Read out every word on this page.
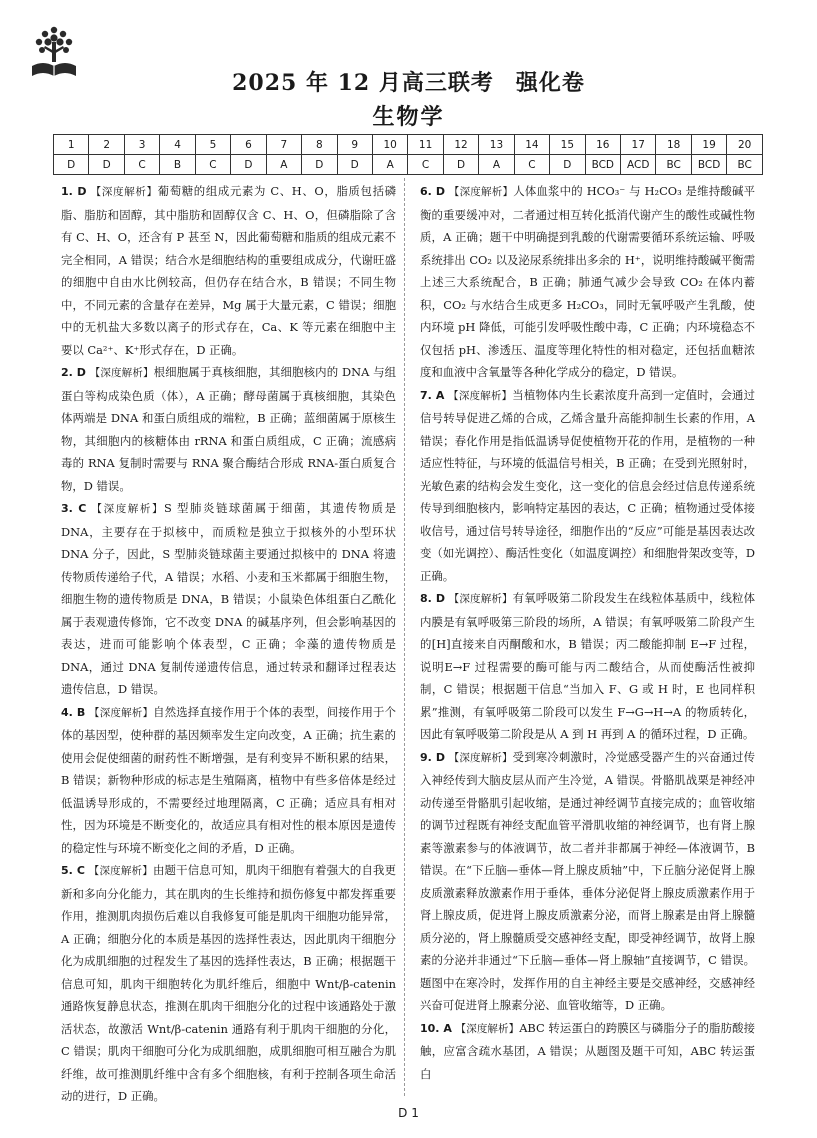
2025 年 12 月高三联考 强化卷
生物学
1	2	3	4	5	6	7	8	9	10	11	12	13	14	15	16	17	18	19	20
D	D	C	B	C	D	A	D	D	A	C	D	A	C	D	BCD	ACD	BC	BCD	BC

1. D 【深度解析】葡萄糖的组成元素为 C、H、O，脂质包括磷脂、脂肪和固醇，其中脂肪和固醇仅含 C、H、O，但磷脂除了含有 C、H、O，还含有 P 甚至 N，因此葡萄糖和脂质的组成元素不完全相同，A 错误；结合水是细胞结构的重要组成成分，代谢旺盛的细胞中自由水比例较高，但仍存在结合水，B 错误；不同生物中，不同元素的含量存在差异，Mg 属于大量元素，C 错误；细胞中的无机盐大多数以离子的形式存在，Ca、K 等元素在细胞中主要以 Ca²⁺、K⁺形式存在，D 正确。

2. D 【深度解析】根细胞属于真核细胞，其细胞核内的 DNA 与组蛋白等构成染色质（体），A 正确；酵母菌属于真核细胞，其染色体两端是 DNA 和蛋白质组成的端粒，B 正确；蓝细菌属于原核生物，其细胞内的核糖体由 rRNA 和蛋白质组成，C 正确；流感病毒的 RNA 复制时需要与 RNA 聚合酶结合形成 RNA-蛋白质复合物，D 错误。

3. C 【深度解析】S 型肺炎链球菌属于细菌，其遗传物质是 DNA，主要存在于拟核中，而质粒是独立于拟核外的小型环状 DNA 分子，因此，S 型肺炎链球菌主要通过拟核中的 DNA 将遗传物质传递给子代，A 错误；水稻、小麦和玉米都属于细胞生物，细胞生物的遗传物质是 DNA，B 错误；小鼠染色体组蛋白乙酰化属于表观遗传修饰，它不改变 DNA 的碱基序列，但会影响基因的表达，进而可能影响个体表型，C 正确；伞藻的遗传物质是 DNA，通过 DNA 复制传递遗传信息，通过转录和翻译过程表达遗传信息，D 错误。

4. B 【深度解析】自然选择直接作用于个体的表型，间接作用于个体的基因型，使种群的基因频率发生定向改变，A 正确；抗生素的使用会促使细菌的耐药性不断增强，是有利变异不断积累的结果，B 错误；新物种形成的标志是生殖隔离，植物中有些多倍体是经过低温诱导形成的，不需要经过地理隔离，C 正确；适应具有相对性，因为环境是不断变化的，故适应具有相对性的根本原因是遗传的稳定性与环境不断变化之间的矛盾，D 正确。

5. C 【深度解析】由题干信息可知，肌肉干细胞有着强大的自我更新和多向分化能力，其在肌肉的生长维持和损伤修复中都发挥重要作用，推测肌肉损伤后难以自我修复可能是肌肉干细胞功能异常，A 正确；细胞分化的本质是基因的选择性表达，因此肌肉干细胞分化为成肌细胞的过程发生了基因的选择性表达，B 正确；根据题干信息可知，肌肉干细胞转化为肌纤维后，细胞中 Wnt/β-catenin 通路恢复静息状态，推测在肌肉干细胞分化的过程中该通路处于激活状态，故激活 Wnt/β-catenin 通路有利于肌肉干细胞的分化，C 错误；肌肉干细胞可分化为成肌细胞，成肌细胞可相互融合为肌纤维，故可推测肌纤维中含有多个细胞核，有利于控制各项生命活动的进行，D 正确。

6. D 【深度解析】人体血浆中的 HCO₃⁻ 与 H₂CO₃ 是维持酸碱平衡的重要缓冲对，二者通过相互转化抵消代谢产生的酸性或碱性物质，A 正确；题干中明确提到乳酸的代谢需要循环系统运输、呼吸系统排出 CO₂ 以及泌尿系统排出多余的 H⁺，说明维持酸碱平衡需上述三大系统配合，B 正确；肺通气减少会导致 CO₂ 在体内蓄积，CO₂ 与水结合生成更多 H₂CO₃，同时无氧呼吸产生乳酸，使内环境 pH 降低，可能引发呼吸性酸中毒，C 正确；内环境稳态不仅包括 pH、渗透压、温度等理化特性的相对稳定，还包括血糖浓度和血液中含氧量等各种化学成分的稳定，D 错误。

7. A 【深度解析】当植物体内生长素浓度升高到一定值时，会通过信号转导促进乙烯的合成，乙烯含量升高能抑制生长素的作用，A 错误；春化作用是指低温诱导促使植物开花的作用，是植物的一种适应性特征，与环境的低温信号相关，B 正确；在受到光照射时，光敏色素的结构会发生变化，这一变化的信息会经过信息传递系统传导到细胞核内，影响特定基因的表达，C 正确；植物通过受体接收信号，通过信号转导途径，细胞作出的“反应”可能是基因表达改变（如光调控）、酶活性变化（如温度调控）和细胞骨架改变等，D 正确。

8. D 【深度解析】有氧呼吸第二阶段发生在线粒体基质中，线粒体内膜是有氧呼吸第三阶段的场所，A 错误；有氧呼吸第二阶段产生的[H]直接来自丙酮酸和水，B 错误；丙二酸能抑制 E→F 过程，说明E→F 过程需要的酶可能与丙二酸结合，从而使酶活性被抑制，C 错误；根据题干信息“当加入 F、G 或 H 时，E 也同样积累”推测，有氧呼吸第二阶段可以发生 F→G→H→A 的物质转化，因此有氧呼吸第二阶段是从 A 到 H 再到 A 的循环过程，D 正确。

9. D 【深度解析】受到寒冷刺激时，冷觉感受器产生的兴奋通过传入神经传到大脑皮层从而产生冷觉，A 错误。骨骼肌战栗是神经冲动传递至骨骼肌引起收缩，是通过神经调节直接完成的；血管收缩的调节过程既有神经支配血管平滑肌收缩的神经调节，也有肾上腺素等激素参与的体液调节，故二者并非都属于神经—体液调节，B 错误。在“下丘脑—垂体—肾上腺皮质轴”中，下丘脑分泌促肾上腺皮质激素释放激素作用于垂体，垂体分泌促肾上腺皮质激素作用于肾上腺皮质，促进肾上腺皮质激素分泌，而肾上腺素是由肾上腺髓质分泌的，肾上腺髓质受交感神经支配，即受神经调节，故肾上腺素的分泌并非通过“下丘脑—垂体—肾上腺轴”直接调节，C 错误。题图中在寒冷时，发挥作用的自主神经主要是交感神经，交感神经兴奋可促进肾上腺素分泌、血管收缩等，D 正确。

10. A 【深度解析】ABC 转运蛋白的跨膜区与磷脂分子的脂肪酸接触，应富含疏水基团，A 错误；从题图及题干可知，ABC 转运蛋白

D 1
